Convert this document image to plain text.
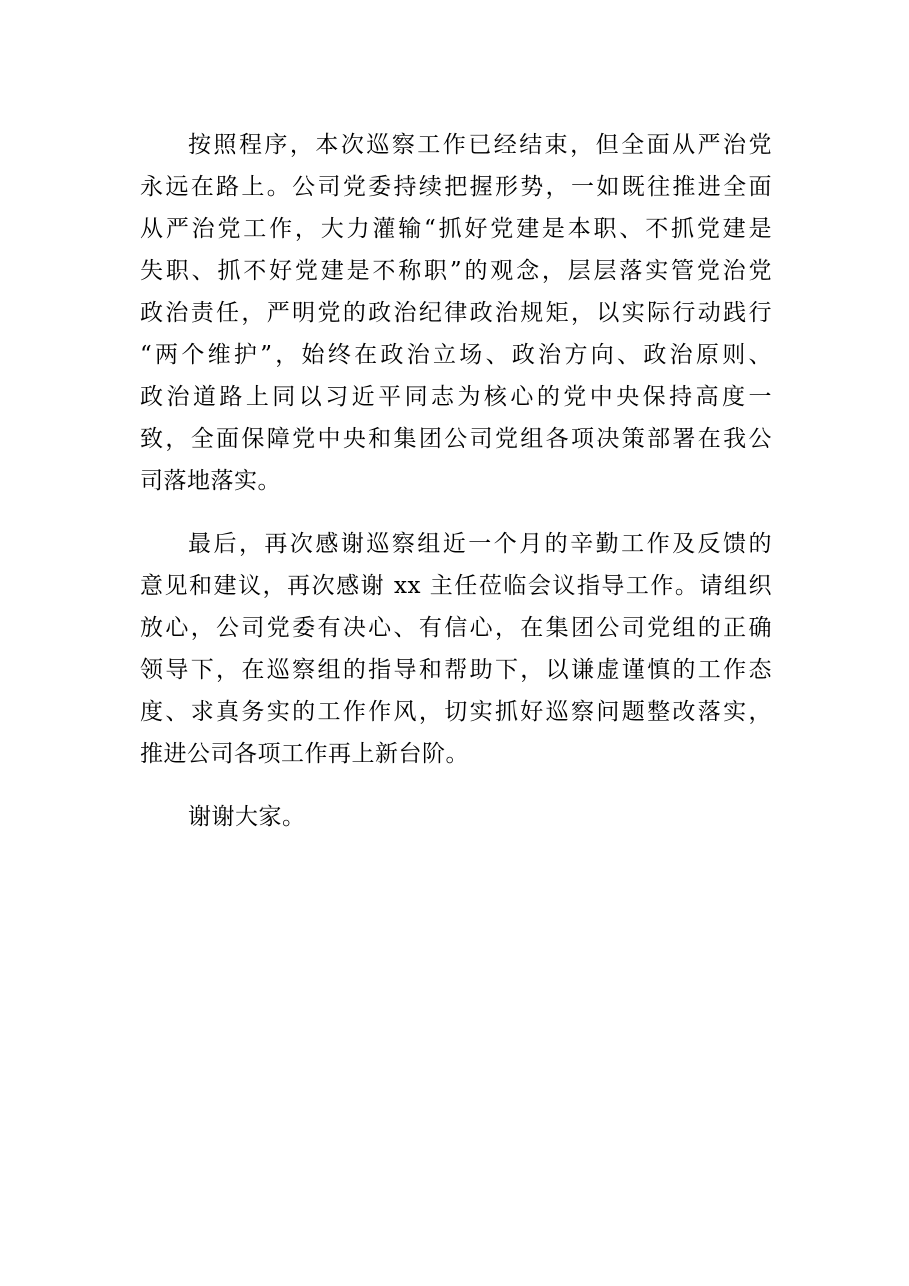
按照程序，本次巡察工作已经结束，但全面从严治党
永远在路上。公司党委持续把握形势，一如既往推进全面
从严治党工作，大力灌输“抓好党建是本职、不抓党建是
失职、抓不好党建是不称职”的观念，层层落实管党治党
政治责任，严明党的政治纪律政治规矩，以实际行动践行
“两个维护”，始终在政治立场、政治方向、政治原则、
政治道路上同以习近平同志为核心的党中央保持高度一
致，全面保障党中央和集团公司党组各项决策部署在我公
司落地落实。
最后，再次感谢巡察组近一个月的辛勤工作及反馈的
意见和建议，再次感谢 xx 主任莅临会议指导工作。请组织
放心，公司党委有决心、有信心，在集团公司党组的正确
领导下，在巡察组的指导和帮助下，以谦虚谨慎的工作态
度、求真务实的工作作风，切实抓好巡察问题整改落实，
推进公司各项工作再上新台阶。
谢谢大家。
